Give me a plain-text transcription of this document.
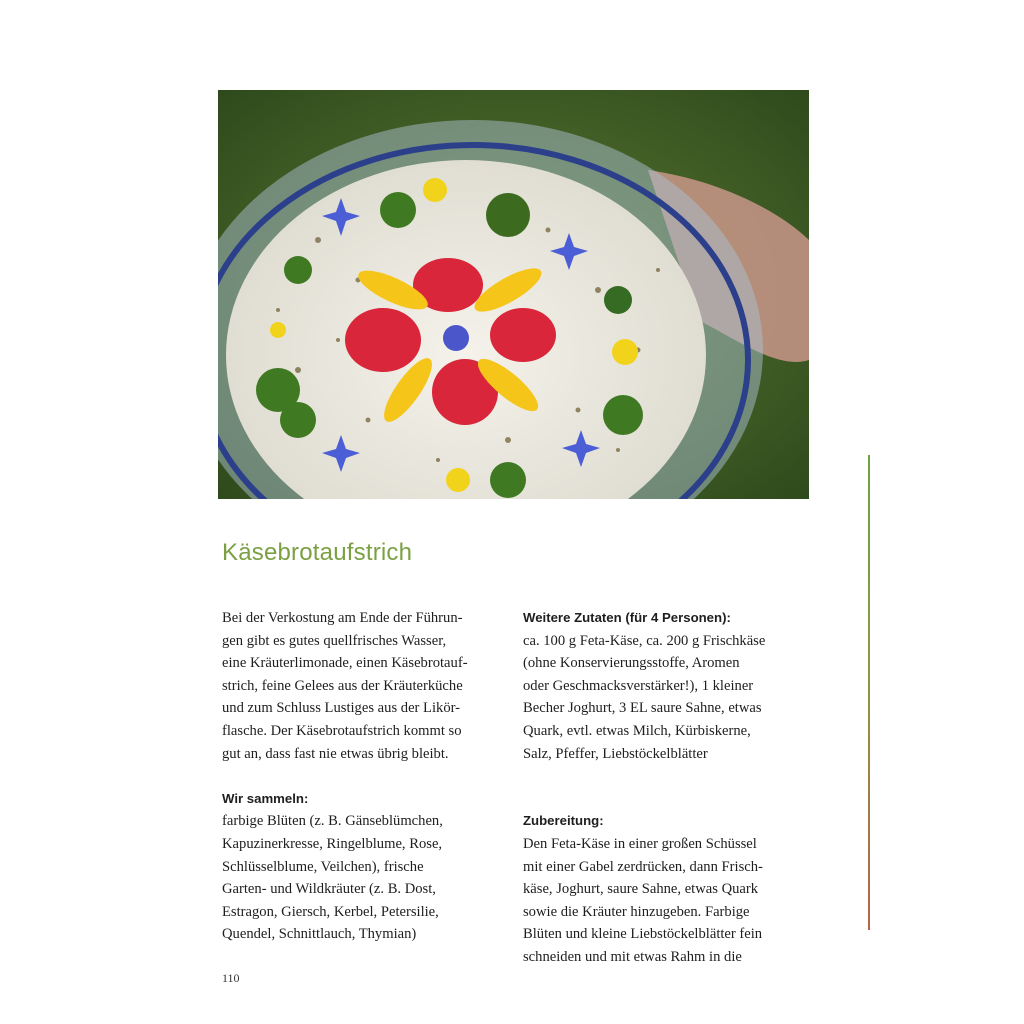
Käsebrotaufstrich

Bei der Verkostung am Ende der Führun-

gen gibt es gutes quellfrisches Wasser,

eine Kräuterlimonade, einen Käsebrotauf-

strich, feine Gelees aus der Kräuterküche

und zum Schluss Lustiges aus der Likör-

flasche. Der Käsebrotaufstrich kommt so

gut an, dass fast nie etwas übrig bleibt.

Wir sammeln:

farbige Blüten (z. B. Gänseblümchen,

Kapuzinerkresse, Ringelblume, Rose,

Schlüsselblume, Veilchen), frische

Garten- und Wildkräuter (z. B. Dost,

Estragon, Giersch, Kerbel, Petersilie,

Quendel, Schnittlauch, Thymian)

Weitere Zutaten (für 4 Personen):

ca. 100 g Feta-Käse, ca. 200 g Frischkäse

(ohne Konservierungsstoffe, Aromen

oder Geschmacksverstärker!), 1 kleiner

Becher Joghurt, 3 EL saure Sahne, etwas

Quark, evtl. etwas Milch, Kürbiskerne,

Salz, Pfeffer, Liebstöckelblätter

Zubereitung:

Den Feta-Käse in einer großen Schüssel

mit einer Gabel zerdrücken, dann Frisch-

käse, Joghurt, saure Sahne, etwas Quark

sowie die Kräuter hinzugeben. Farbige

Blüten und kleine Liebstöckelblätter fein

schneiden und mit etwas Rahm in die

110
